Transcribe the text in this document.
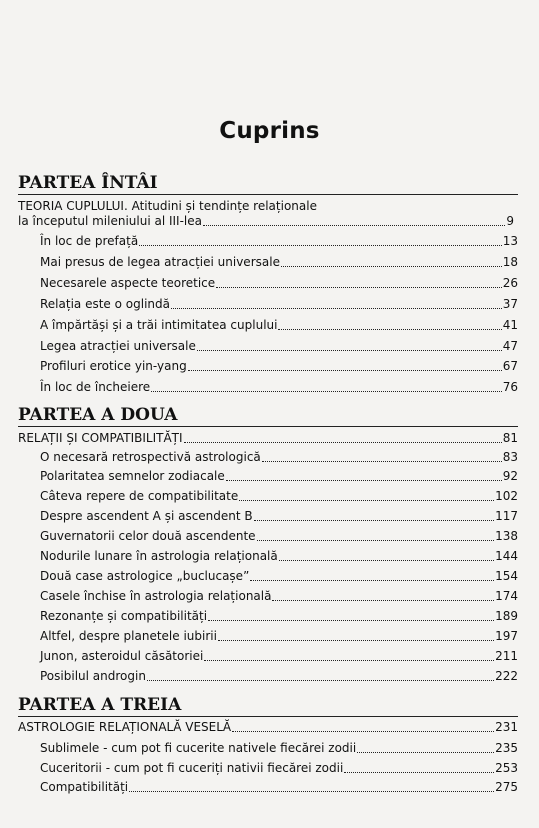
Cuprins
PARTEA ÎNTÂI
TEORIA CUPLULUI. Atitudini și tendințe relaționale
la începutul mileniului al III-lea	9
În loc de prefață	13
Mai presus de legea atracției universale	18
Necesarele aspecte teoretice	26
Relația este o oglindă	37
A împărtăși și a trăi intimitatea cuplului	41
Legea atracției universale	47
Profiluri erotice yin-yang	67
În loc de încheiere	76
PARTEA A DOUA
RELAȚII ȘI COMPATIBILITĂȚI	81
O necesară retrospectivă astrologică	83
Polaritatea semnelor zodiacale	92
Câteva repere de compatibilitate	102
Despre ascendent A și ascendent B	117
Guvernatorii celor două ascendente	138
Nodurile lunare în astrologia relațională	144
Două case astrologice „buclucașe”	154
Casele închise în astrologia relațională	174
Rezonanțe și compatibilități	189
Altfel, despre planetele iubirii	197
Junon, asteroidul căsătoriei	211
Posibilul androgin	222
PARTEA A TREIA
ASTROLOGIE RELAȚIONALĂ VESELĂ	231
Sublimele - cum pot fi cucerite nativele fiecărei zodii	235
Cuceritorii - cum pot fi cuceriți nativii fiecărei zodii	253
Compatibilități	275
